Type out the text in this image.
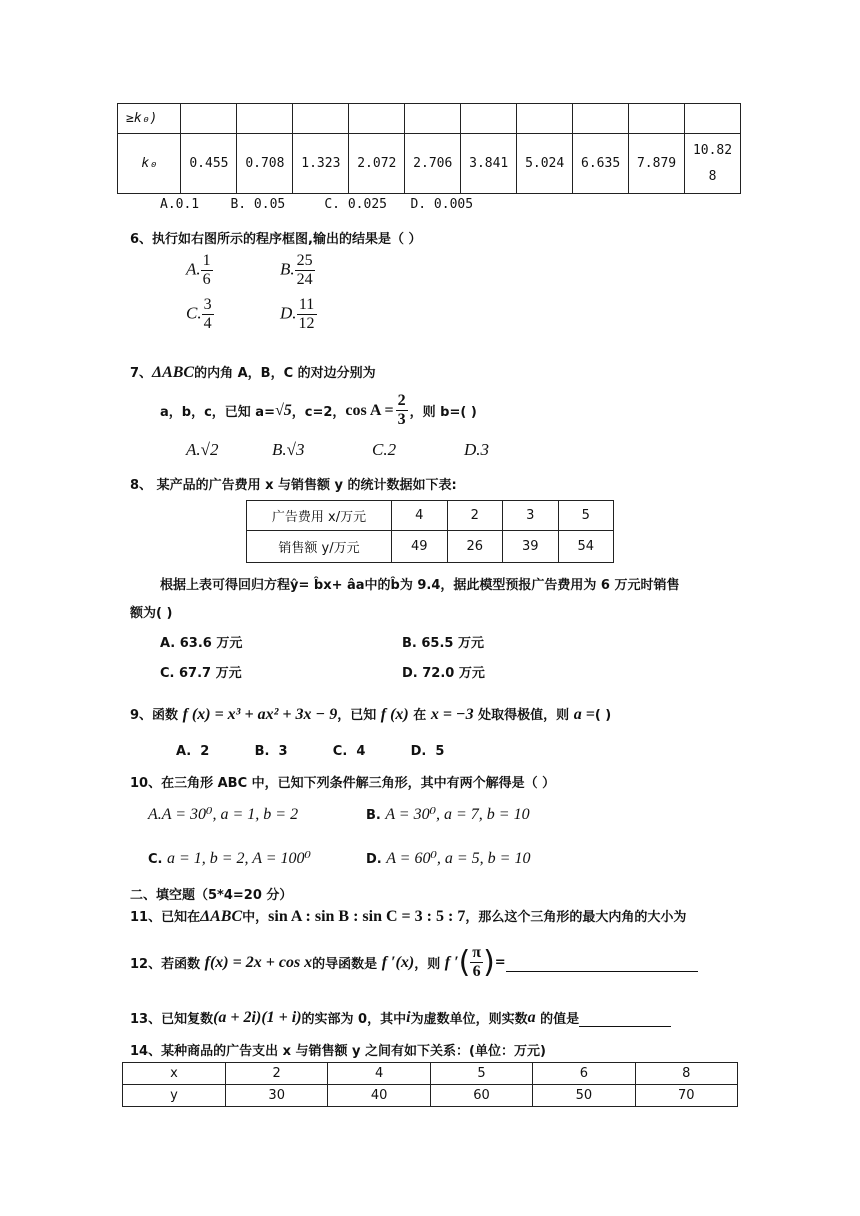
≥k₀)										
k₀	0.455	0.708	1.323	2.072	2.706	3.841	5.024	6.635	7.879	10.82
8
A.0.1    B. 0.05     C. 0.025   D. 0.005
6、执行如右图所示的程序框图,输出的结果是（ ）
A. $\frac{1}{6}$	B. $\frac{25}{24}$
C. $\frac{3}{4}$	D. $\frac{11}{12}$
7、ΔABC的内角 A，B，C 的对边分别为
a，b，c，已知 a= √5 ，c=2， $\cos A = \frac{2}{3}$ ，则 b=( )
A.√2	B.√3	C.2	D.3
8、 某产品的广告费用 x 与销售额 y 的统计数据如下表:
广告费用 x/万元	4	2	3	5
销售额 y/万元	49	26	39	54
根据上表可得回归方程ŷ= b̂x+ âa中的b̂为 9.4，据此模型预报广告费用为 6 万元时销售
额为( )
A. 63.6 万元	B. 65.5 万元
C. 67.7 万元	D. 72.0 万元
9、函数 f (x) = x³ + ax² + 3x − 9，已知 f (x) 在 x = −3 处取得极值，则 a =( )
A.  2          B.  3          C.  4          D.  5
10、在三角形 ABC 中，已知下列条件解三角形，其中有两个解得是（ ）
A.A = 30⁰, a = 1, b = 2	B. A = 30⁰, a = 7, b = 10
C. a = 1, b = 2, A = 100⁰	D. A = 60⁰, a = 5, b = 10
二、填空题（5*4=20 分）
11、已知在ΔABC中，sin A : sin B : sin C = 3 : 5 : 7，那么这个三角形的最大内角的大小为
12、若函数
f(x) = 2x + cos x 的导函数是
f ′(x) ，则
f ′ ( $\frac{\pi}{6}$ ) =
13、已知复数 (a + 2i)(1 + i) 的实部为 0，其中 i 为虚数单位，则实数 a
的值是
14、某种商品的广告支出 x 与销售额 y 之间有如下关系：(单位：万元)
x	2	4	5	6	8
y	30	40	60	50	70
